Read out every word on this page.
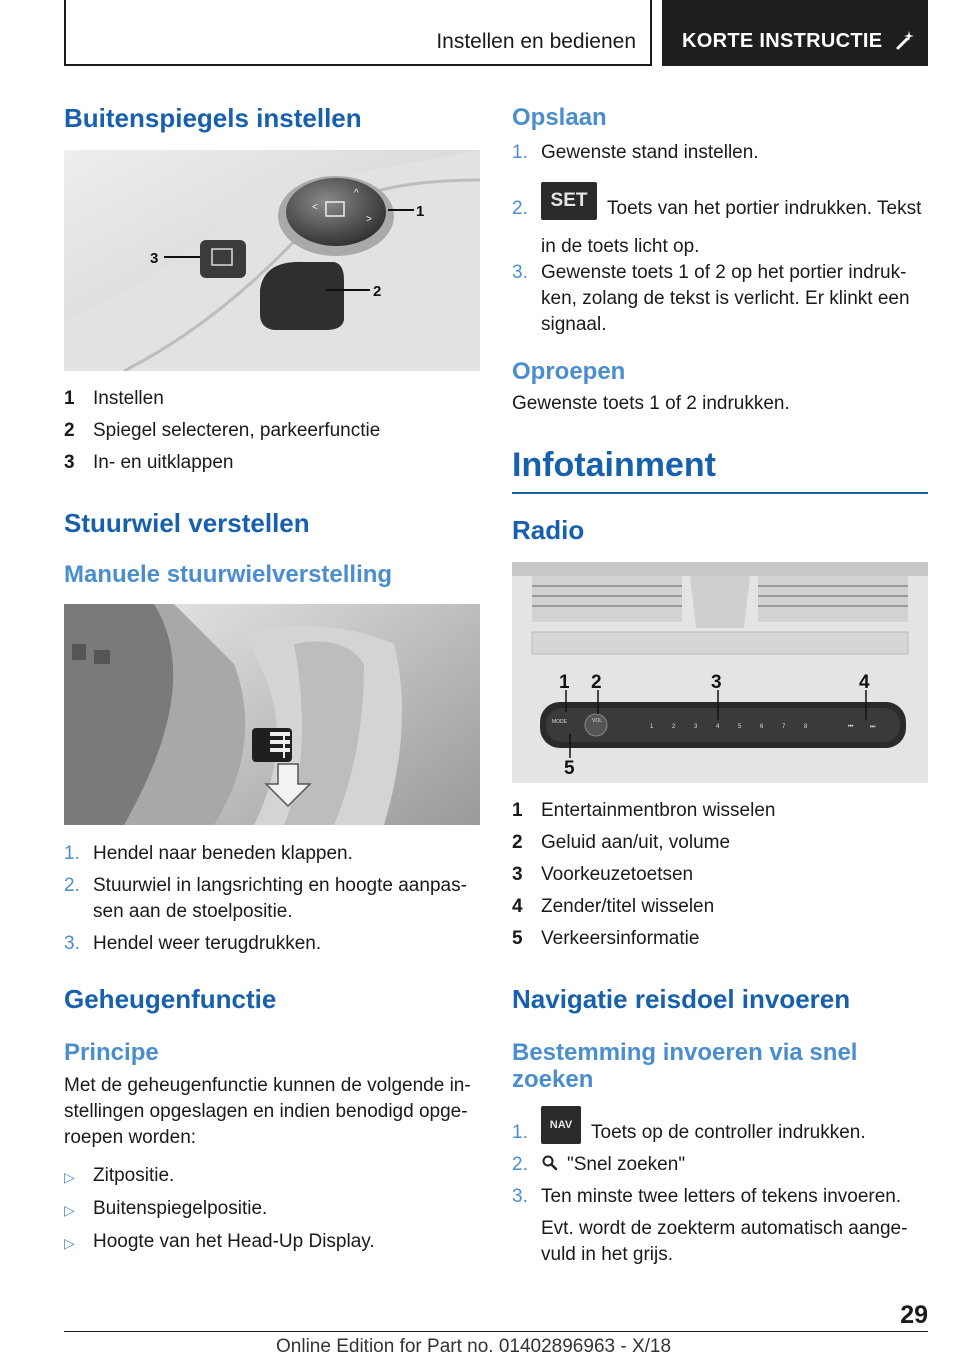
Instellen en bedienen KORTE INSTRUCTIE
Buitenspiegels instellen
^
<
>	1
2
3
1 Instellen
2 Spiegel selecteren, parkeerfunctie
3 In- en uitklappen
Stuurwiel verstellen
Manuele stuurwielverstelling
1. Hendel naar beneden klappen.
2. Stuurwiel in langsrichting en hoogte aanpas- sen aan de stoelpositie.
3. Hendel weer terugdrukken.
Geheugenfunctie
Principe

Met de geheugenfunctie kunnen de volgende in- stellingen opgeslagen en indien benodigd opge- roepen worden:

▷ Zitpositie.
▷ Buitenspiegelpositie.
▷ Hoogte van het Head-Up Display.
Opslaan
1. Gewenste stand instellen.
2.	SET Toets van het portier indrukken. Tekst in de toets licht op.
3. Gewenste toets 1 of 2 op het portier indruk- ken, zolang de tekst is verlicht. Er klinkt een signaal.
Oproepen

Gewenste toets 1 of 2 indrukken.

Infotainment
Radio
MODE	VOL
1	2	3	4	5	6	7	8	⏮	⏭
1 2	3	4
5
1 Entertainmentbron wisselen
2 Geluid aan/uit, volume
3 Voorkeuzetoetsen
4 Zender/titel wisselen
5 Verkeersinformatie
Navigatie reisdoel invoeren
Bestemming invoeren via snel zoeken
1.	NAV Toets op de controller indrukken.
2.	"Snel zoeken"
3. Ten minste twee letters of tekens invoeren.

Evt. wordt de zoekterm automatisch aange- vuld in het grijs.

29
Online Edition for Part no. 01402896963 - X/18
